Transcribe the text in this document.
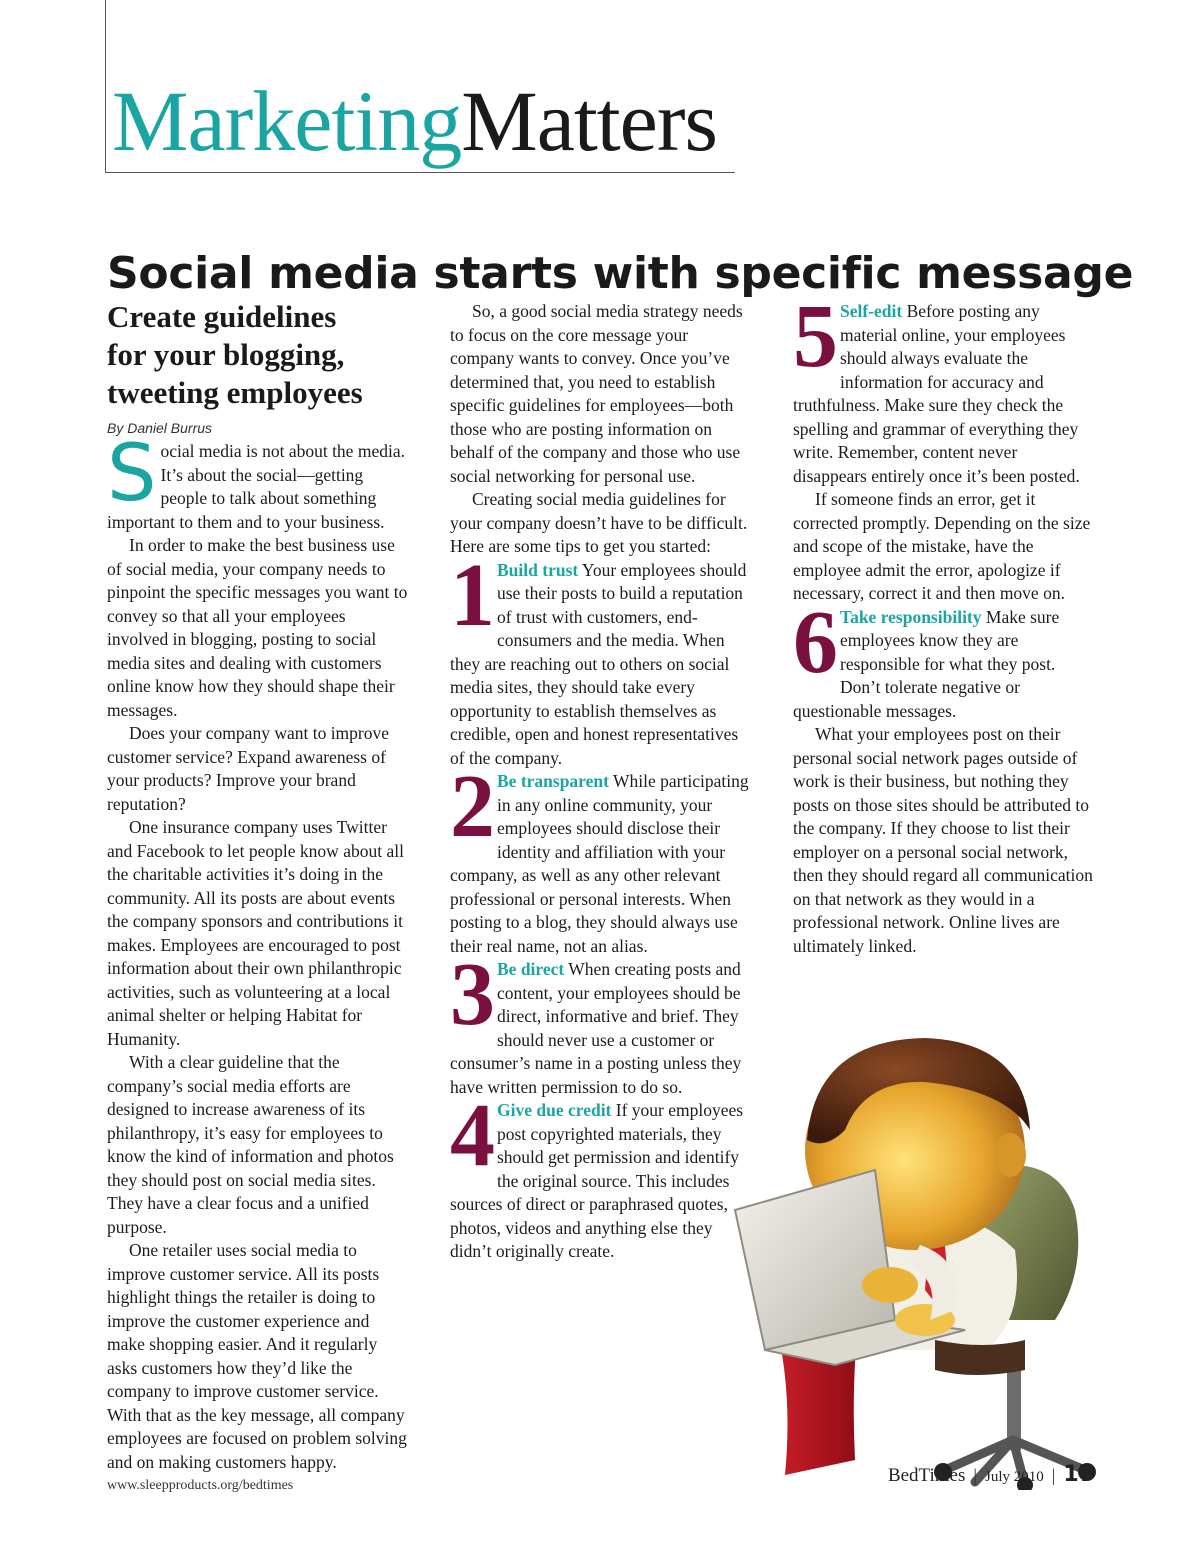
MarketingMatters
Social media starts with specific message
Create guidelines
for your blogging,
tweeting employees
By Daniel Burrus

Social media is not about the media. It’s about the social—getting people to talk about something important to them and to your business.

In order to make the best business use of social media, your company needs to pinpoint the specific messages you want to convey so that all your employees involved in blogging, posting to social media sites and dealing with customers online know how they should shape their messages.

Does your company want to improve customer service? Expand awareness of your products? Improve your brand reputation?

One insurance company uses Twitter and Facebook to let people know about all the charitable activities it’s doing in the community. All its posts are about events the company sponsors and contributions it makes. Employees are encouraged to post information about their own philanthropic activities, such as volunteering at a local animal shelter or helping Habitat for Humanity.

With a clear guideline that the company’s social media efforts are designed to increase awareness of its philanthropy, it’s easy for employees to know the kind of information and photos they should post on social media sites. They have a clear focus and a unified purpose.

One retailer uses social media to improve customer service. All its posts highlight things the retailer is doing to improve the customer experience and make shopping easier. And it regularly asks customers how they’d like the company to improve customer service. With that as the key message, all company employees are focused on problem solving and on making customers happy.

So, a good social media strategy needs to focus on the core message your company wants to convey. Once you’ve determined that, you need to establish specific guidelines for employees—both those who are posting information on behalf of the company and those who use social networking for personal use.

Creating social media guidelines for your company doesn’t have to be difficult. Here are some tips to get you started:

1 Build trust Your employees should use their posts to build a reputation of trust with customers, end-consumers and the media. When they are reaching out to others on social media sites, they should take every opportunity to establish themselves as credible, open and honest representatives of the company.

2 Be transparent While participating in any online community, your employees should disclose their identity and affiliation with your company, as well as any other relevant professional or personal interests. When posting to a blog, they should always use their real name, not an alias.

3 Be direct When creating posts and content, your employees should be direct, informative and brief. They should never use a customer or consumer’s name in a posting unless they have written permission to do so.

4 Give due credit If your employees post copyrighted materials, they should get permission and identify the original source. This includes sources of direct or paraphrased quotes, photos, videos and anything else they didn’t originally create.

5 Self-edit Before posting any material online, your employees should always evaluate the information for accuracy and truthfulness. Make sure they check the spelling and grammar of everything they write. Remember, content never disappears entirely once it’s been posted.

If someone finds an error, get it corrected promptly. Depending on the size and scope of the mistake, have the employee admit the error, apologize if necessary, correct it and then move on.

6 Take responsibility Make sure employees know they are responsible for what they post. Don’t tolerate negative or questionable messages.

What your employees post on their personal social network pages outside of work is their business, but nothing they posts on those sites should be attributed to the company. If they choose to list their employer on a personal social network, then they should regard all communication on that network as they would in a professional network. Online lives are ultimately linked.

www.sleepproducts.org/bedtimes	BedTimes | July 2010 | 17
